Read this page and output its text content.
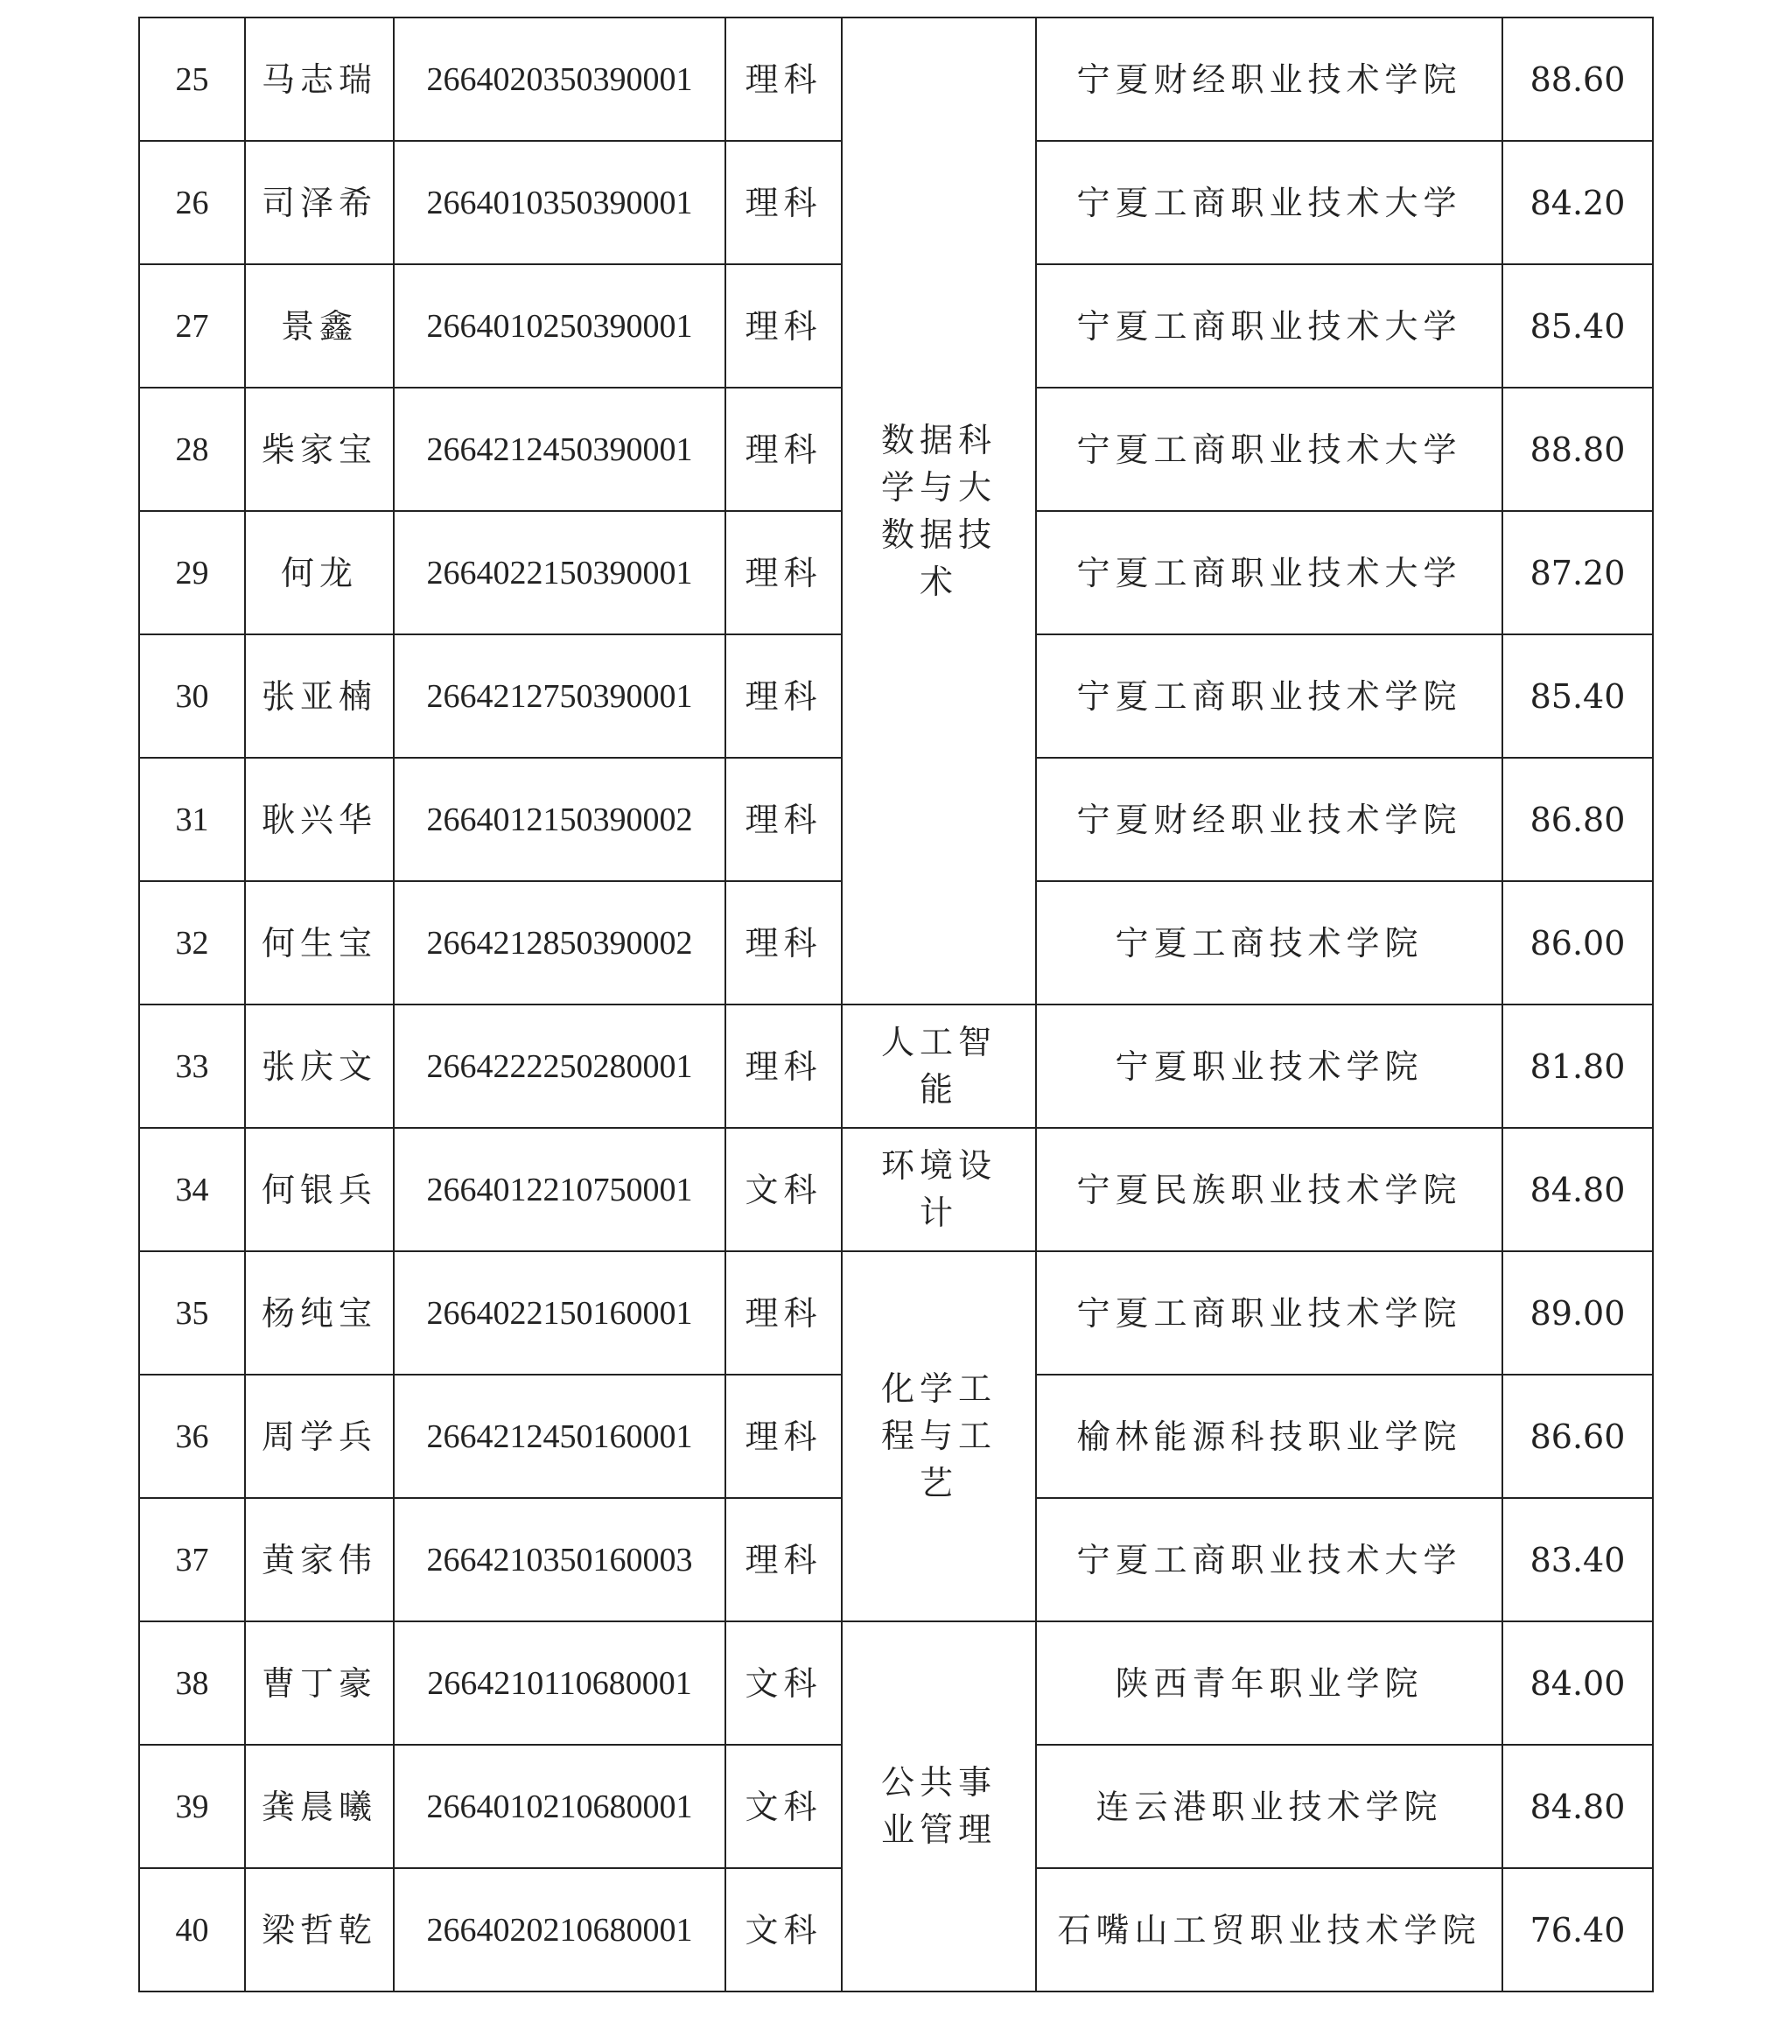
25	马志瑞	2664020350390001	理科	数据科学与大数据技术	宁夏财经职业技术学院	88.60
26	司泽希	2664010350390001	理科		宁夏工商职业技术大学	84.20
27	景鑫	2664010250390001	理科		宁夏工商职业技术大学	85.40
28	柴家宝	2664212450390001	理科		宁夏工商职业技术大学	88.80
29	何龙	2664022150390001	理科		宁夏工商职业技术大学	87.20
30	张亚楠	2664212750390001	理科		宁夏工商职业技术学院	85.40
31	耿兴华	2664012150390002	理科		宁夏财经职业技术学院	86.80
32	何生宝	2664212850390002	理科		宁夏工商技术学院	86.00
33	张庆文	2664222250280001	理科	人工智能	宁夏职业技术学院	81.80
34	何银兵	2664012210750001	文科	环境设计	宁夏民族职业技术学院	84.80
35	杨纯宝	2664022150160001	理科	化学工程与工艺	宁夏工商职业技术学院	89.00
36	周学兵	2664212450160001	理科		榆林能源科技职业学院	86.60
37	黄家伟	2664210350160003	理科		宁夏工商职业技术大学	83.40
38	曹丁豪	2664210110680001	文科	公共事业管理	陕西青年职业学院	84.00
39	龚晨曦	2664010210680001	文科		连云港职业技术学院	84.80
40	梁哲乾	2664020210680001	文科		石嘴山工贸职业技术学院	76.40
